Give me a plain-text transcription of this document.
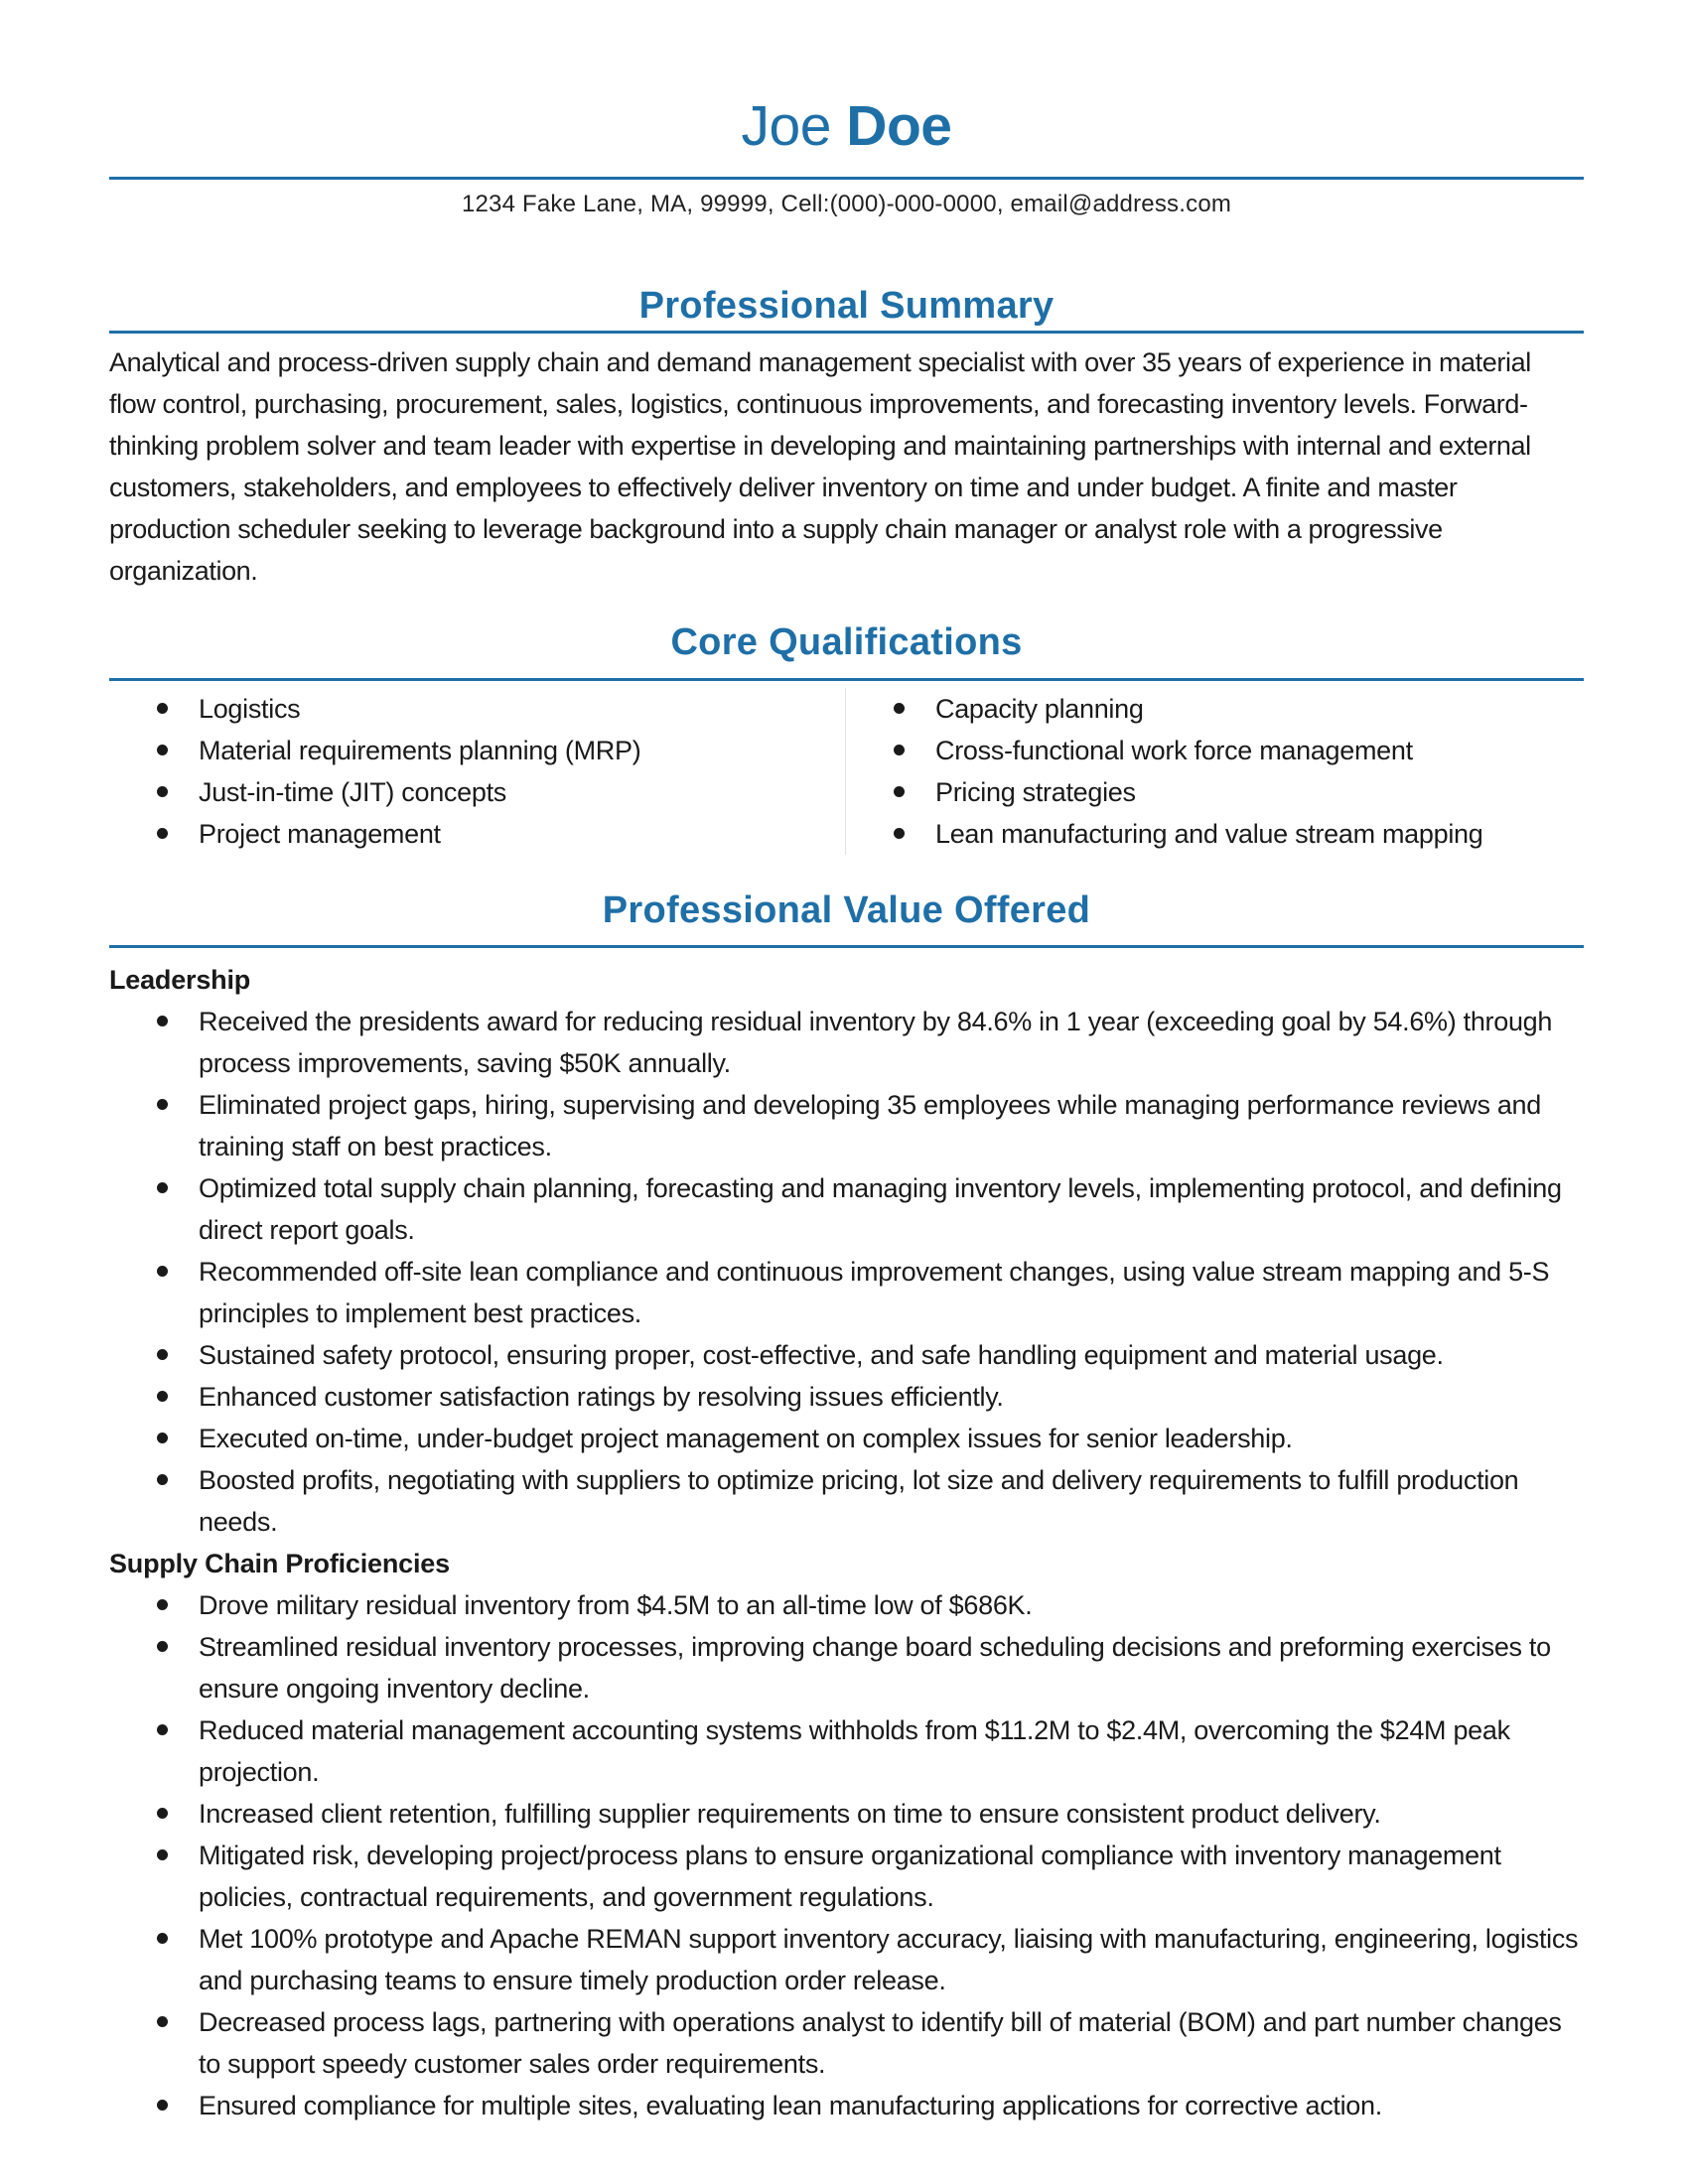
Joe Doe
1234 Fake Lane, MA, 99999, Cell:(000)-000-0000, email@address.com
Professional Summary

Analytical and process-driven supply chain and demand management specialist with over 35 years of experience in material flow control, purchasing, procurement, sales, logistics, continuous improvements, and forecasting inventory levels. Forward-thinking problem solver and team leader with expertise in developing and maintaining partnerships with internal and external customers, stakeholders, and employees to effectively deliver inventory on time and under budget. A finite and master production scheduler seeking to leverage background into a supply chain manager or analyst role with a progressive organization.

Core Qualifications
Logistics
Material requirements planning (MRP)
Just-in-time (JIT) concepts
Project management
Capacity planning
Cross-functional work force management
Pricing strategies
Lean manufacturing and value stream mapping
Professional Value Offered
Leadership
Received the presidents award for reducing residual inventory by 84.6% in 1 year (exceeding goal by 54.6%) through process improvements, saving $50K annually.
Eliminated project gaps, hiring, supervising and developing 35 employees while managing performance reviews and training staff on best practices.
Optimized total supply chain planning, forecasting and managing inventory levels, implementing protocol, and defining direct report goals.
Recommended off-site lean compliance and continuous improvement changes, using value stream mapping and 5-S principles to implement best practices.
Sustained safety protocol, ensuring proper, cost-effective, and safe handling equipment and material usage.
Enhanced customer satisfaction ratings by resolving issues efficiently.
Executed on-time, under-budget project management on complex issues for senior leadership.
Boosted profits, negotiating with suppliers to optimize pricing, lot size and delivery requirements to fulfill production needs.
Supply Chain Proficiencies
Drove military residual inventory from $4.5M to an all-time low of $686K.
Streamlined residual inventory processes, improving change board scheduling decisions and preforming exercises to ensure ongoing inventory decline.
Reduced material management accounting systems withholds from $11.2M to $2.4M, overcoming the $24M peak projection.
Increased client retention, fulfilling supplier requirements on time to ensure consistent product delivery.
Mitigated risk, developing project/process plans to ensure organizational compliance with inventory management policies, contractual requirements, and government regulations.
Met 100% prototype and Apache REMAN support inventory accuracy, liaising with manufacturing, engineering, logistics and purchasing teams to ensure timely production order release.
Decreased process lags, partnering with operations analyst to identify bill of material (BOM) and part number changes to support speedy customer sales order requirements.
Ensured compliance for multiple sites, evaluating lean manufacturing applications for corrective action.
